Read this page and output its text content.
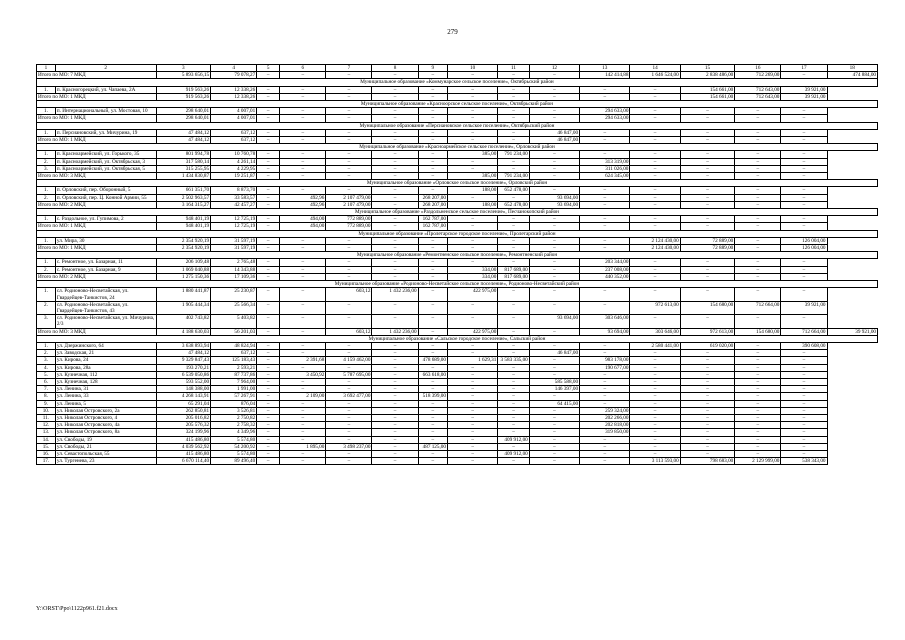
279
1	2	3	4	5	6	7	8	9	10	11	12	13	14	15	16	17	18
Итого по МО: 7 МКД		5 893 656,15	79 078,27	–	–	–	–	–	–	–	–	142 414,88	1 646 524,00	2 838 486,00	712 269,00	–	474 884,00
Муниципальное образование «Коммунарское сельское поселение», Октябрьский район																	
1.	п. Красногорецкий, ул. Чапаева, 2А	919 563,26	12 338,26	–	–	–	–	–	–	–	–	–	–	154 661,00	712 643,00	39 921,00	
Итого по МО: 1 МКД		919 563,26	12 338,26	–	–	–	–	–	–	–	–	–	–	154 661,00	712 643,00	39 921,00	
Муниципальное образование «Красноорское сельское поселение», Октябрьский район																	
1.	п. Интернациональный, ул. Мостовая, 10	298 640,01	4 007,01	–	–	–	–	–	–	–	–	294 633,00	–	–	–	–	
Итого по МО: 1 МКД		298 640,01	4 007,01	–	–	–	–	–	–	–	–	294 633,00	–	–	–	–	
Муниципальное образование «Персиановское сельское поселение», Октябрьский район																	
1.	п. Персиановский, ул. Мичурина, 19	47 484,12	637,12	–	–	–	–	–	–	–	46 847,00	–	–	–	–	–	
Итого по МО: 1 МКД		47 484,12	637,12	–	–	–	–	–	–	–	46 847,00	–	–	–	–	–	
Муниципальное образование «Красноармейское сельское поселение», Орловский район																	
1.	п. Красноармейский, ул. Горького, 35	801 994,78	10 760,78	–	–	–	–	–	385,00	791 234,00	–	–	–	–	–	–	
2.	п. Красноармейский, ул. Октябрьская, 3	317 580,14	4 261,14	–	–	–	–	–	–	–	–	313 319,00	–	–	–	–	
3.	п. Красноармейский, ул. Октябрьская, 5	315 255,95	4 229,95	–	–	–	–	–	–	–	–	311 026,00	–	–	–	–	
Итого по МО: 3 МКД		1 434 830,87	19 251,87	–	–	–	–	–	385,00	791 234,00	–	624 345,00	–	–	–	–	
Муниципальное образование «Орловское сельское поселение», Орловский район																	
1.	п. Орловский, пер. Оборонный, 5	661 351,70	8 873,70	–	–	–	–	–	188,00	652 478,00	–	–	–	–	–	–	
2.	п. Орловский, пер. Ц. Конной Армии, 55	2 502 963,57	33 583,57	–	492,96	2 107 479,00	–	268 207,00	–	–	93 694,00	–	–	–	–	–	
Итого по МО: 2 МКД		3 164 315,27	42 457,27	–	492,96	2 107 479,00	–	268 207,00	188,00	652 478,00	93 694,00	–	–	–	–	–	
Муниципальное образование «Раздольненское сельское поселение», Песчанокопский район																	
1.	с. Раздольное, ул. Гупимова, 2	948 401,19	12 725,19	–	494,00	772 889,00	–	162 787,00	–	–	–	–	–	–	–	–	
Итого по МО: 1 МКД		948 401,19	12 725,19	–	494,00	772 889,00	–	162 787,00	–	–	–	–	–	–	–	–	
Муниципальное образование «Пролетарское городское поселение», Пролетарский район																	
1.	ул. Мира, 30	2 354 920,19	31 597,19	–	–	–	–	–	–	–	–	–	2 124 430,00	72 889,00	–	126 004,00	
Итого по МО: 1 МКД		2 354 920,19	31 597,19	–	–	–	–	–	–	–	–	–	2 124 430,00	72 889,00	–	126 004,00	
Муниципальное образование «Ремонтненское сельское поселение», Ремонтненский район																	
1.	с. Ремонтное, ул. Базарная, 11	206 109,48	2 765,48	–	–	–	–	–	–	–	–	203 344,00	–	–	–	–	
2.	с. Ремонтное, ул. Базарная, 9	1 069 040,88	14 343,88	–	–	–	–	–	334,00	817 689,00	–	237 008,00	–	–	–	–	
Итого по МО: 2 МКД		1 275 150,36	17 109,36	–	–	–	–	–	334,00	817 689,00	–	440 352,00	–	–	–	–	
Муниципальное образование «Родионово-Несветайское сельское поселение», Родионово-Несветайский район																	
1.	сл. Родионово-Несветайская, ул. Гвардейцев-Танкистов, 24	1 880 441,87	25 230,87	–	–	603,12	1 432 236,00	–	422 975,00	–	–	–	–	–	–	–	
2.	сл. Родионово-Несветайская, ул. Гвардейцев-Танкистов, 43	1 905 444,34	25 566,34	–	–	–	–	–	–	–	–	–	972 613,00	154 680,00	712 664,00	39 921,00	
3.	сл. Родионово-Несветайская, ул. Мичурина, 2/3	402 743,82	5 403,82	–	–	–	–	–	–	–	93 694,00	303 646,00	–	–	–	–	
Итого по МО: 3 МКД		4 188 630,03	56 201,03	–	–	603,12	1 432 236,00	–	422 975,00	–	–	93 694,00	303 646,00	972 613,00	154 680,00	712 664,00	39 921,00
Муниципальное образование «Сальское городское поселение», Сальский район																	
1.	ул. Дзержинского, 64	3 638 893,94	48 824,94	–	–	–	–	–	–	–	–	–	2 580 441,00	619 020,00	–	390 608,00	
2.	ул. Заводская, 21	47 484,12	637,12	–	–	–	–	–	–	–	46 847,00	–	–	–	–	–	
3.	ул. Кирова, 24	9 329 847,43	125 183,43	–	2 391,68	4 159 462,00	–	478 689,00	1 629,31	3 583 335,00	–	983 178,00	–	–	–	–	
4.	ул. Кирова, 28а	193 270,21	2 593,21	–	–	–	–	–	–	–	–	190 677,00	–	–	–	–	
5.	ул. Кузнечная, 112	6 539 050,86	87 737,86	–	3 450,92	5 787 695,00	–	663 618,00	–	–	–	–	–	–	–	–	
6.	ул. Кузнечная, 128	593 552,00	7 964,00	–	–	–	–	–	–	–	585 588,00	–	–	–	–	–	
7.	ул. Ленина, 31	148 388,00	1 991,00	–	–	–	–	–	–	–	146 397,00	–	–	–	–	–	
8.	ул. Ленина, 33	4 268 143,91	57 267,91	–	2 109,00	3 692 477,00	–	518 399,00	–	–	–	–	–	–	–	–	
9.	ул. Ленина, 5	65 291,04	876,04	–	–	–	–	–	–	–	64 415,00	–	–	–	–	–	
10.	ул. Николая Островского, 2а	262 850,81	3 526,81	–	–	–	–	–	–	–	–	259 324,00	–	–	–	–	
11.	ул. Николая Островского, 4	205 016,82	2 750,82	–	–	–	–	–	–	–	–	202 266,00	–	–	–	–	
12.	ул. Николая Островского, 4а	205 576,32	2 758,32	–	–	–	–	–	–	–	–	202 818,00	–	–	–	–	
13.	ул. Николая Островского, 8а	324 199,96	4 349,96	–	–	–	–	–	–	–	–	319 850,00	–	–	–	–	
14.	ул. Свободы, 19	415 486,80	5 574,80	–	–	–	–	–	–	409 912,00	–	–	–	–	–	–	
15.	ул. Свободы, 21	4 039 562,92	54 200,92	–	1 895,00	3 498 237,00	–	487 125,00	–	–	–	–	–	–	–	–	
16.	ул. Севастопольская, 55	415 486,80	5 574,80	–	–	–	–	–	–	409 912,00	–	–	–	–	–	–	
17.	ул. Тургенева, 23	6 670 114,40	89 496,40	–	–	–	–	–	–	–	–	–	3 113 593,00	798 683,00	2 129 999,00	538 343,00	
Y:\ORST\Ppo\1122p961.f21.docx
